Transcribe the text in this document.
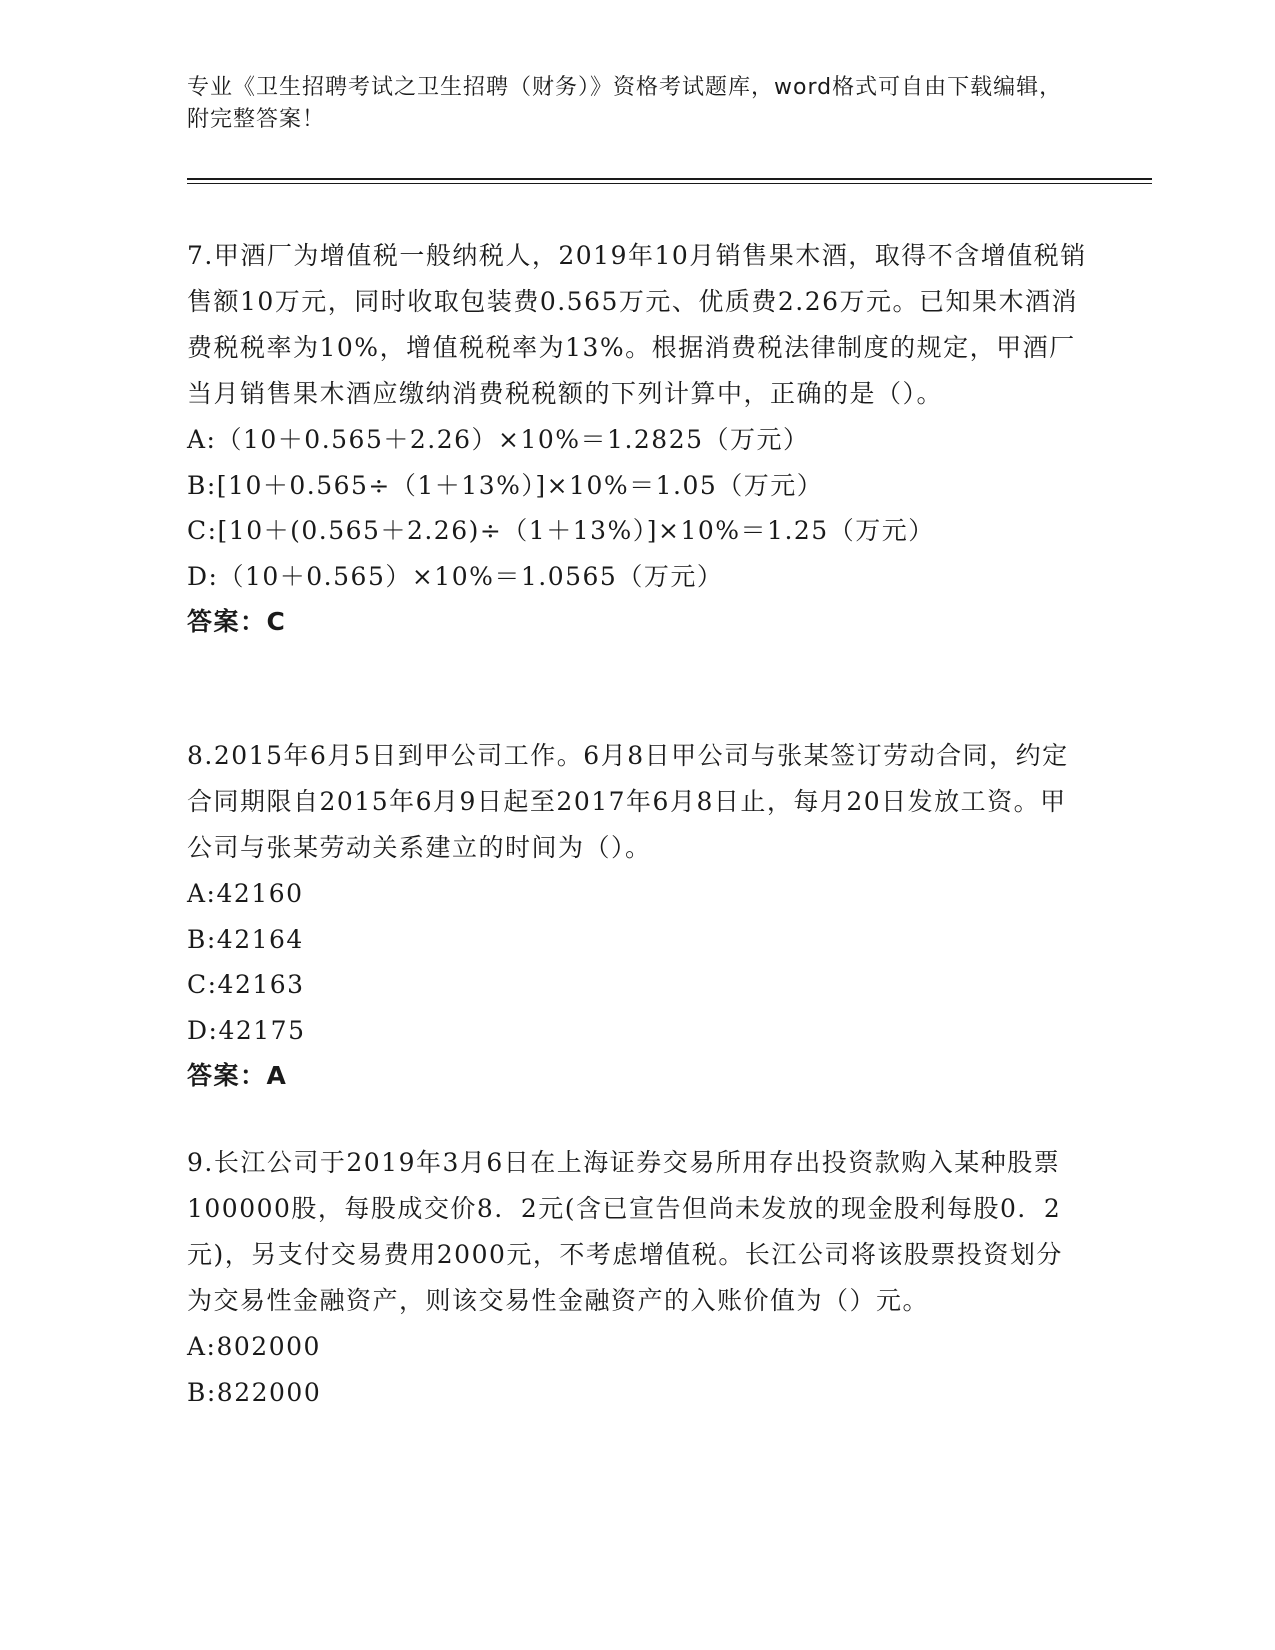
专业《卫生招聘考试之卫生招聘（财务）》资格考试题库，word格式可自由下载编辑，附完整答案！

7.甲酒厂为增值税一般纳税人，2019年10月销售果木酒，取得不含增值税销售额10万元，同时收取包装费0.565万元、优质费2.26万元。已知果木酒消费税税率为10%，增值税税率为13%。根据消费税法律制度的规定，甲酒厂当月销售果木酒应缴纳消费税税额的下列计算中，正确的是（）。

A:（10＋0.565＋2.26）×10%＝1.2825（万元）

B:[10＋0.565÷（1＋13%）]×10%＝1.05（万元）

C:[10＋(0.565＋2.26)÷（1＋13%）]×10%＝1.25（万元）

D:（10＋0.565）×10%＝1.0565（万元）

答案：C

8.2015年6月5日到甲公司工作。6月8日甲公司与张某签订劳动合同，约定合同期限自2015年6月9日起至2017年6月8日止，每月20日发放工资。甲公司与张某劳动关系建立的时间为（）。

A:42160

B:42164

C:42163

D:42175

答案：A

9.长江公司于2019年3月6日在上海证券交易所用存出投资款购入某种股票100000股，每股成交价8．2元(含已宣告但尚未发放的现金股利每股0．2元)，另支付交易费用2000元，不考虑增值税。长江公司将该股票投资划分为交易性金融资产，则该交易性金融资产的入账价值为（）元。

A:802000

B:822000
